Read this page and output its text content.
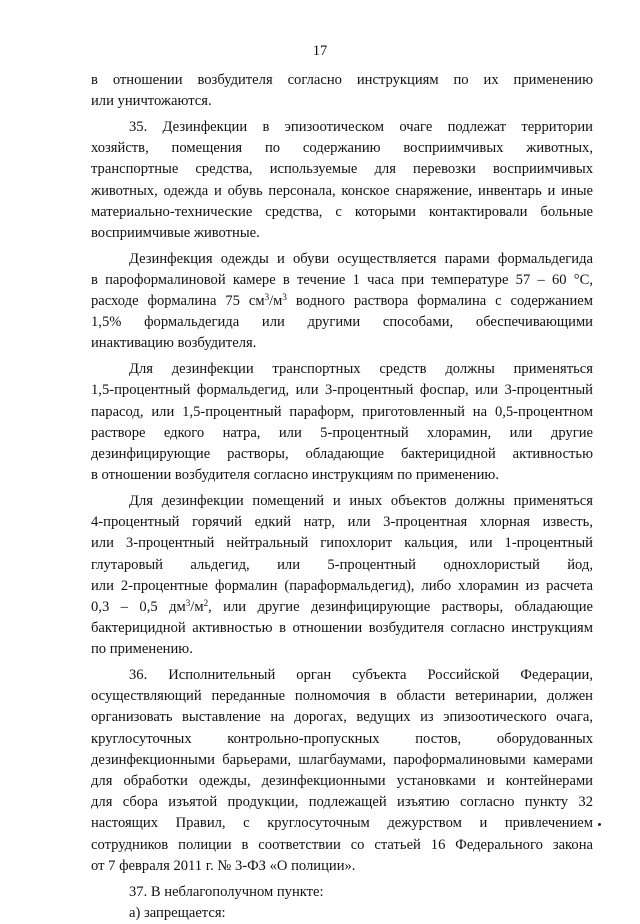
17
в отношении возбудителя согласно инструкциям по их применению
или уничтожаются.
35. Дезинфекции в эпизоотическом очаге подлежат территории
хозяйств, помещения по содержанию восприимчивых животных,
транспортные средства, используемые для перевозки восприимчивых
животных, одежда и обувь персонала, конское снаряжение, инвентарь и иные
материально-технические средства, с которыми контактировали больные
восприимчивые животные.
Дезинфекция одежды и обуви осуществляется парами формальдегида
в пароформалиновой камере в течение 1 часа при температуре 57 – 60 °C,
расходе формалина 75 $см^3/м^3$ водного раствора формалина с содержанием
1,5% формальдегида или другими способами, обеспечивающими
инактивацию возбудителя.
Для дезинфекции транспортных средств должны применяться
1,5-процентный формальдегид, или 3-процентный фоспар, или 3-процентный
парасод, или 1,5-процентный параформ, приготовленный на 0,5-процентном
растворе едкого натра, или 5-процентный хлорамин, или другие
дезинфицирующие растворы, обладающие бактерицидной активностью
в отношении возбудителя согласно инструкциям по применению.
Для дезинфекции помещений и иных объектов должны применяться
4-процентный горячий едкий натр, или 3-процентная хлорная известь,
или 3-процентный нейтральный гипохлорит кальция, или 1-процентный
глутаровый альдегид, или 5-процентный однохлористый йод,
или 2-процентные формалин (параформальдегид), либо хлорамин из расчета
0,3 – 0,5 $дм^3/м^2$, или другие дезинфицирующие растворы, обладающие
бактерицидной активностью в отношении возбудителя согласно инструкциям
по применению.
36. Исполнительный орган субъекта Российской Федерации,
осуществляющий переданные полномочия в области ветеринарии, должен
организовать выставление на дорогах, ведущих из эпизоотического очага,
круглосуточных контрольно-пропускных постов, оборудованных
дезинфекционными барьерами, шлагбаумами, пароформалиновыми камерами
для обработки одежды, дезинфекционными установками и контейнерами
для сбора изъятой продукции, подлежащей изъятию согласно пункту 32
настоящих Правил, с круглосуточным дежурством и привлечением
сотрудников полиции в соответствии со статьей 16 Федерального закона
от 7 февраля 2011 г. № 3-ФЗ «О полиции».
37. В неблагополучном пункте:
а) запрещается:
